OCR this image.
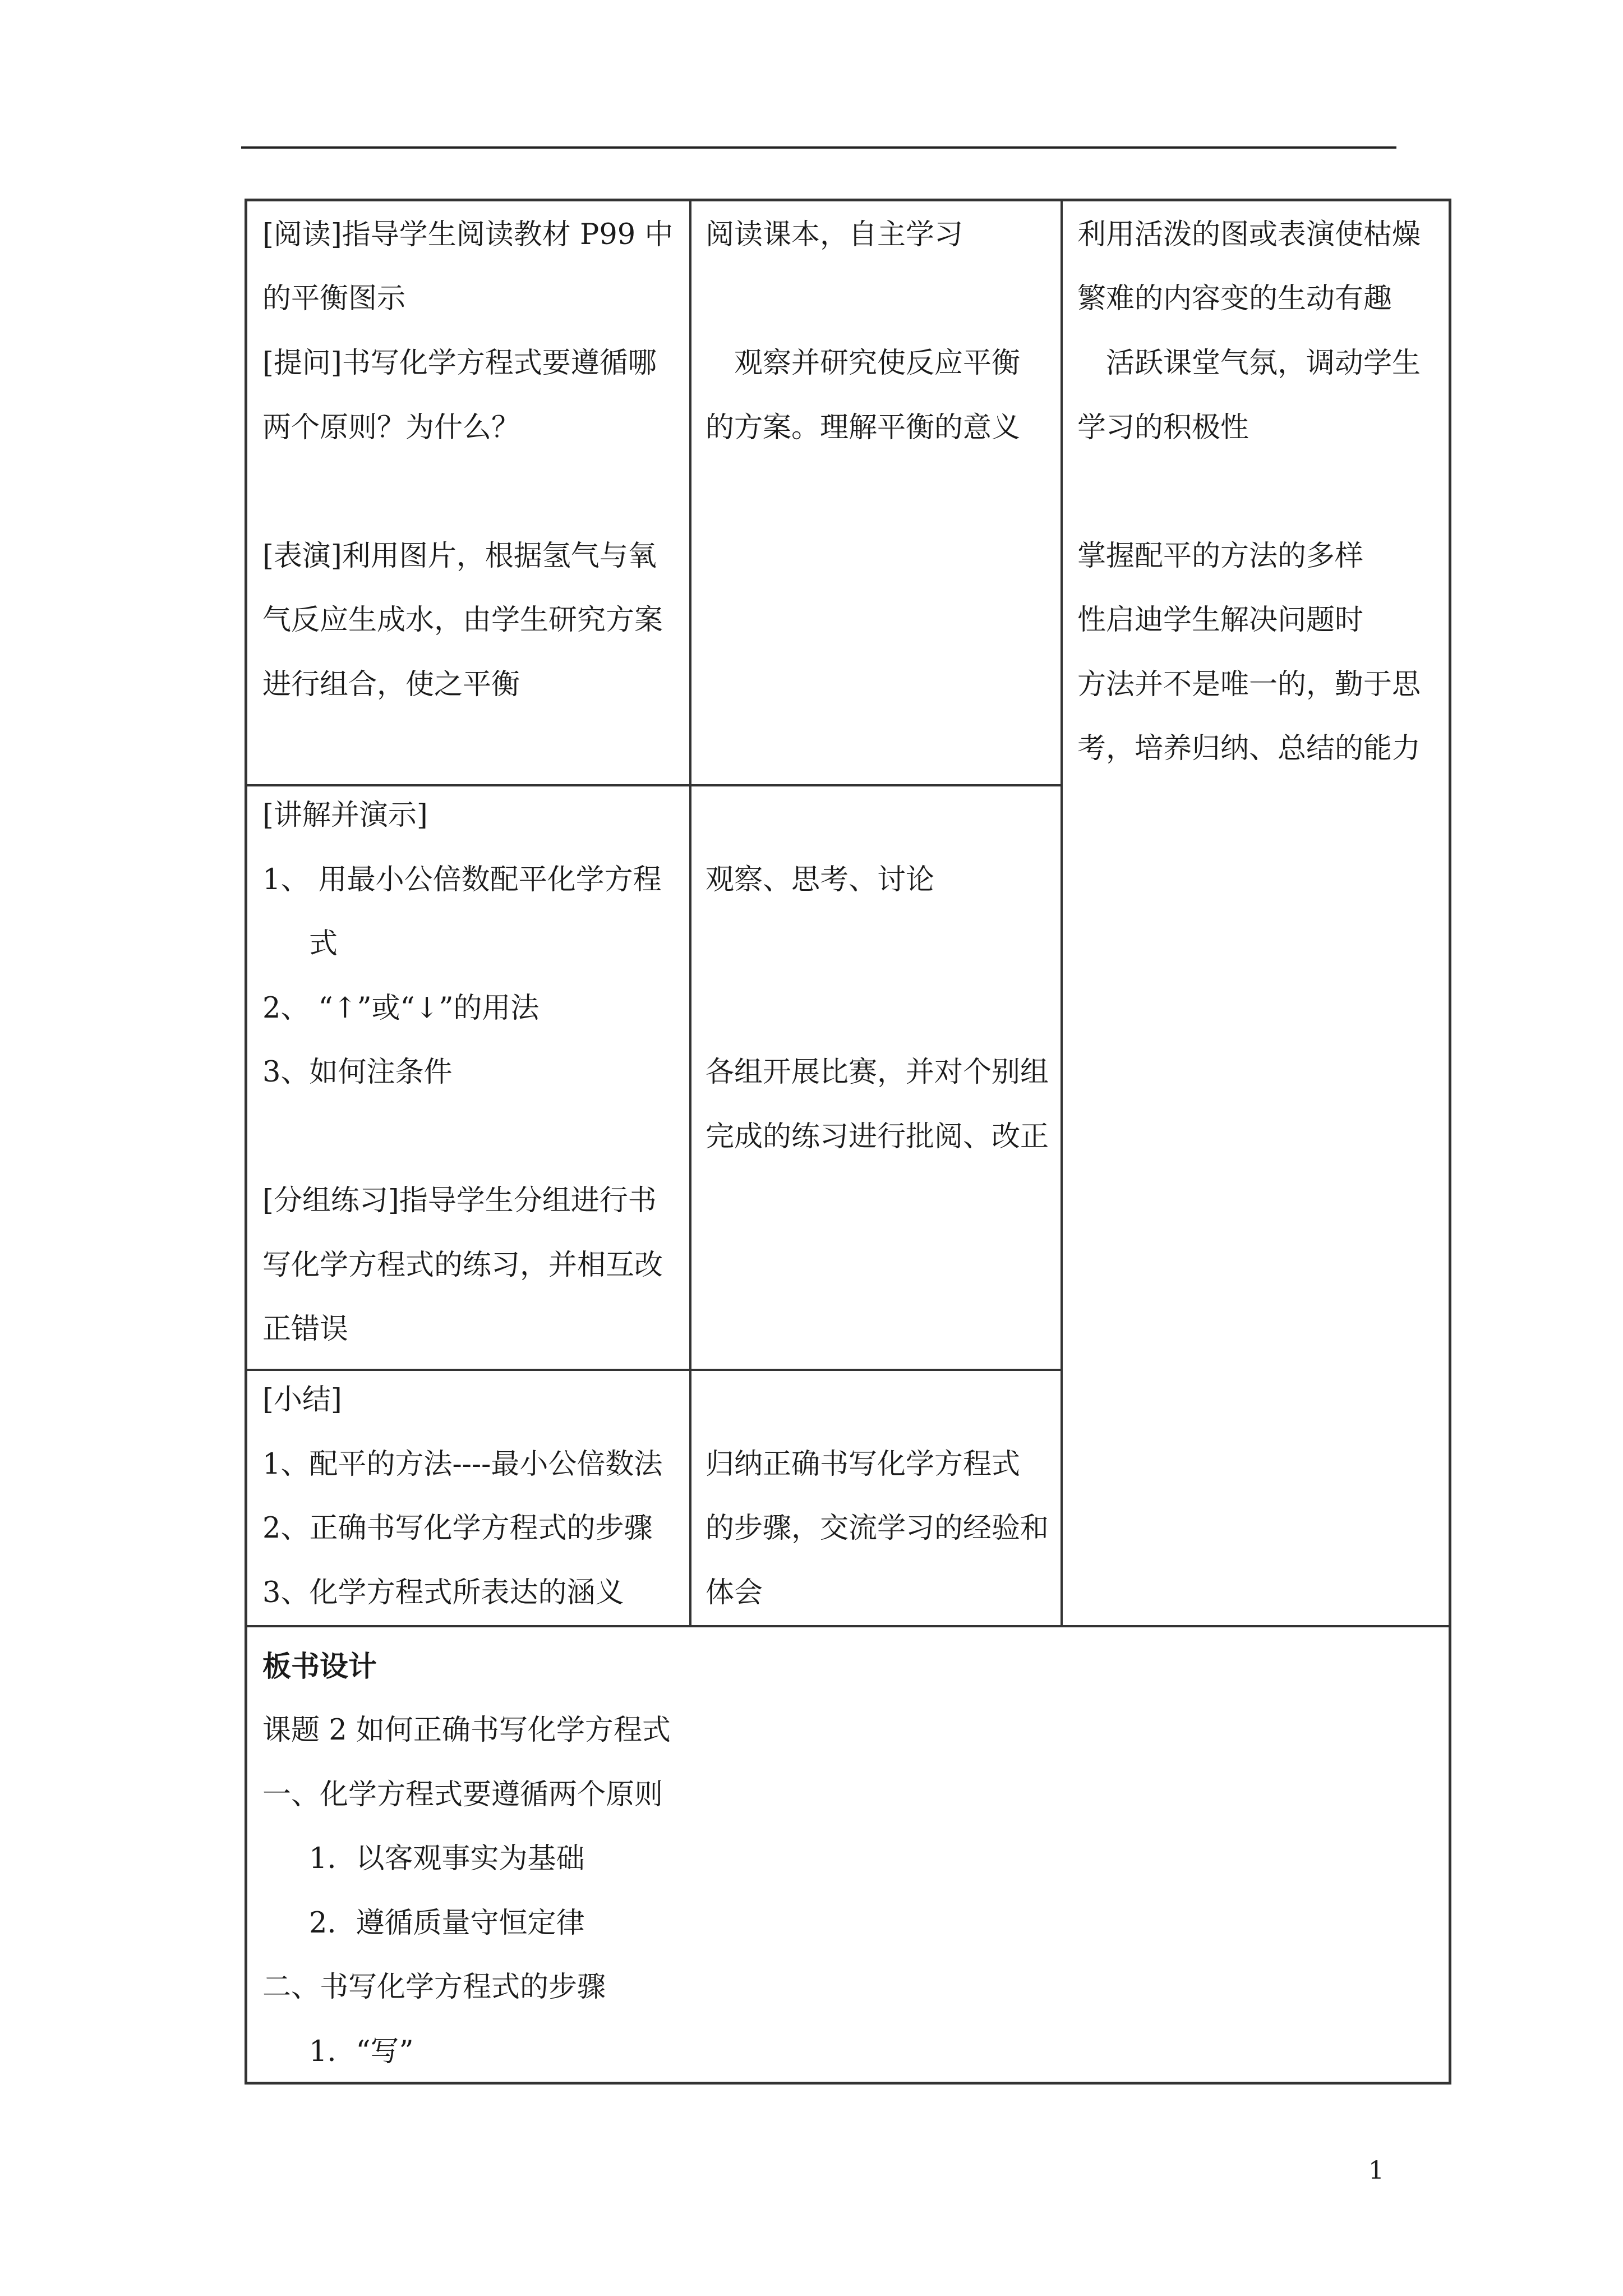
[阅读]指导学生阅读教材 P99 中
的平衡图示
[提问]书写化学方程式要遵循哪
两个原则？为什么？
[表演]利用图片，根据氢气与氧
气反应生成水，由学生研究方案
进行组合，使之平衡
阅读课本，自主学习
观察并研究使反应平衡
的方案。理解平衡的意义
利用活泼的图或表演使枯燥
繁难的内容变的生动有趣
活跃课堂气氛，调动学生
学习的积极性
掌握配平的方法的多样
性启迪学生解决问题时
方法并不是唯一的，勤于思
考，培养归纳、总结的能力
[讲解并演示]
1、 用最小公倍数配平化学方程
式
2、 “↑”或“↓”的用法
3、如何注条件
[分组练习]指导学生分组进行书
写化学方程式的练习，并相互改
正错误
观察、思考、讨论
各组开展比赛，并对个别组
完成的练习进行批阅、改正
[小结]
1、配平的方法----最小公倍数法
2、正确书写化学方程式的步骤
3、化学方程式所表达的涵义
归纳正确书写化学方程式
的步骤，交流学习的经验和
体会
板书设计
课题 2 如何正确书写化学方程式
一、化学方程式要遵循两个原则
1．以客观事实为基础
2．遵循质量守恒定律
二、书写化学方程式的步骤
1．“写”
1
